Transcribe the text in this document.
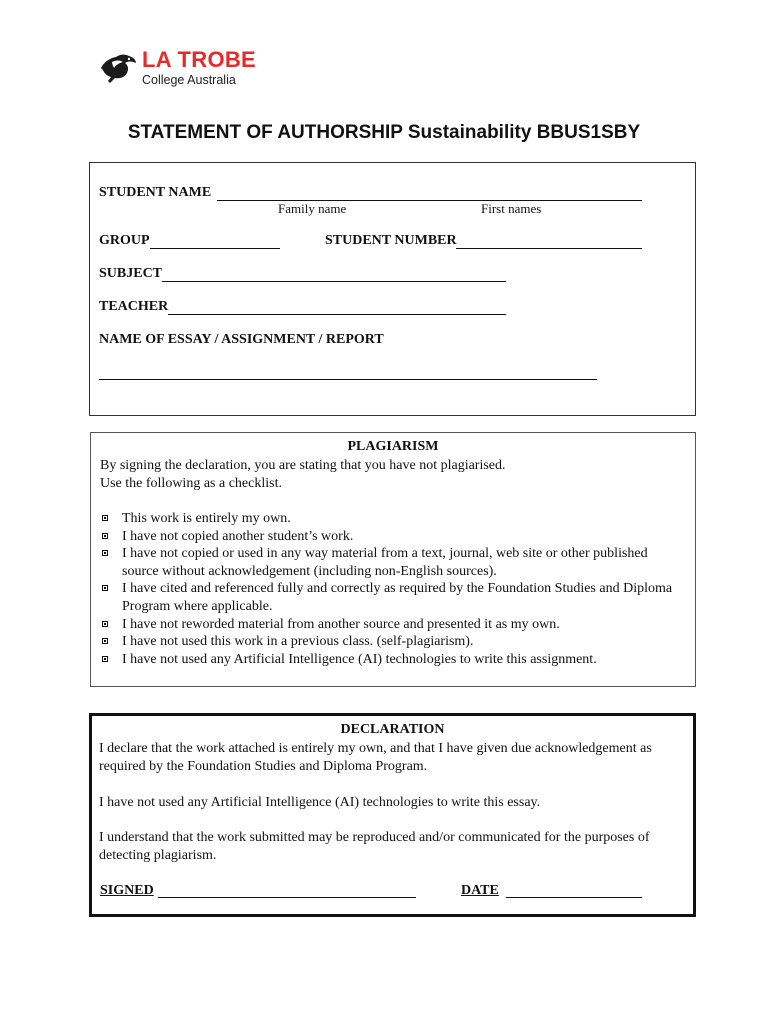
LA TROBE
College Australia
STATEMENT OF AUTHORSHIP Sustainability BBUS1SBY
STUDENT NAME
Family name	First names
GROUP	STUDENT NUMBER
SUBJECT
TEACHER
NAME OF ESSAY / ASSIGNMENT / REPORT
PLAGIARISM
By signing the declaration, you are stating that you have not plagiarised.
Use the following as a checklist.
This work is entirely my own.
I have not copied another student’s work.
I have not copied or used in any way material from a text, journal, web site or other published source without acknowledgement (including non-English sources).
I have cited and referenced fully and correctly as required by the Foundation Studies and Diploma Program where applicable.
I have not reworded material from another source and presented it as my own.
I have not used this work in a previous class. (self-plagiarism).
I have not used any Artificial Intelligence (AI) technologies to write this assignment.
DECLARATION
I declare that the work attached is entirely my own, and that I have given due acknowledgement as required by the Foundation Studies and Diploma Program.
I have not used any Artificial Intelligence (AI) technologies to write this essay.
I understand that the work submitted may be reproduced and/or communicated for the purposes of detecting plagiarism.
SIGNED	DATE
